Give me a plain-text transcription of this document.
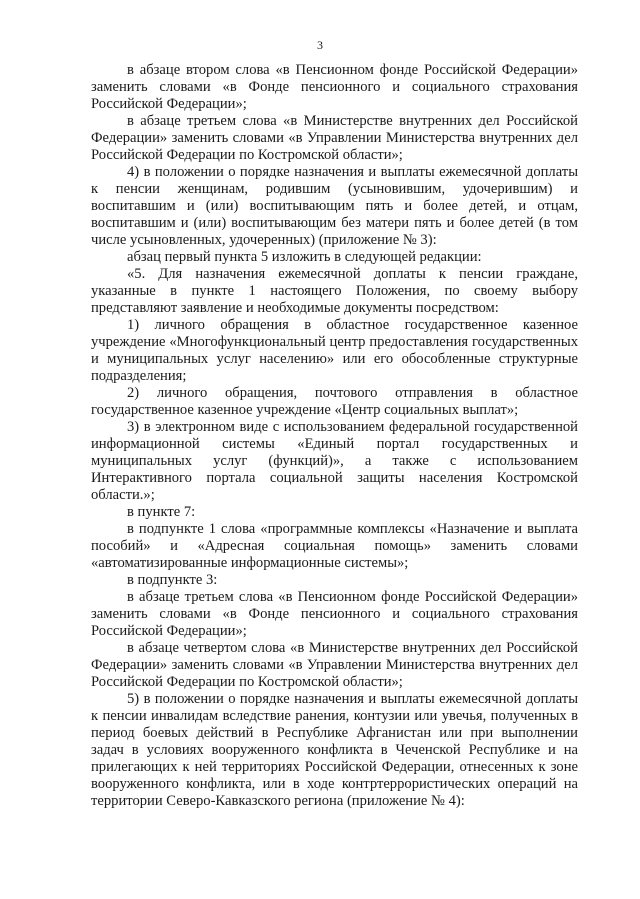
3

в абзаце втором слова «в Пенсионном фонде Российской Федерации» заменить словами «в Фонде пенсионного и социального страхования Российской Федерации»;

в абзаце третьем слова «в Министерстве внутренних дел Российской Федерации» заменить словами «в Управлении Министерства внутренних дел Российской Федерации по Костромской области»;

4) в положении о порядке назначения и выплаты ежемесячной доплаты к пенсии женщинам, родившим (усыновившим, удочерившим) и воспитавшим и (или) воспитывающим пять и более детей, и отцам, воспитавшим и (или) воспитывающим без матери пять и более детей (в том числе усыновленных, удочеренных) (приложение № 3):

абзац первый пункта 5 изложить в следующей редакции:

«5. Для назначения ежемесячной доплаты к пенсии граждане, указанные в пункте 1 настоящего Положения, по своему выбору представляют заявление и необходимые документы посредством:

1) личного обращения в областное государственное казенное учреждение «Многофункциональный центр предоставления государственных и муниципальных услуг населению» или его обособленные структурные подразделения;

2) личного обращения, почтового отправления в областное государственное казенное учреждение «Центр социальных выплат»;

3) в электронном виде с использованием федеральной государственной информационной системы «Единый портал государственных и муниципальных услуг (функций)», а также с использованием Интерактивного портала социальной защиты населения Костромской области.»;

в пункте 7:

в подпункте 1 слова «программные комплексы «Назначение и выплата пособий» и «Адресная социальная помощь» заменить словами «автоматизированные информационные системы»;

в подпункте 3:

в абзаце третьем слова «в Пенсионном фонде Российской Федерации» заменить словами «в Фонде пенсионного и социального страхования Российской Федерации»;

в абзаце четвертом слова «в Министерстве внутренних дел Российской Федерации» заменить словами «в Управлении Министерства внутренних дел Российской Федерации по Костромской области»;

5) в положении о порядке назначения и выплаты ежемесячной доплаты к пенсии инвалидам вследствие ранения, контузии или увечья, полученных в период боевых действий в Республике Афганистан или при выполнении задач в условиях вооруженного конфликта в Чеченской Республике и на прилегающих к ней территориях Российской Федерации, отнесенных к зоне вооруженного конфликта, или в ходе контртеррористических операций на территории Северо-Кавказского региона (приложение № 4):
